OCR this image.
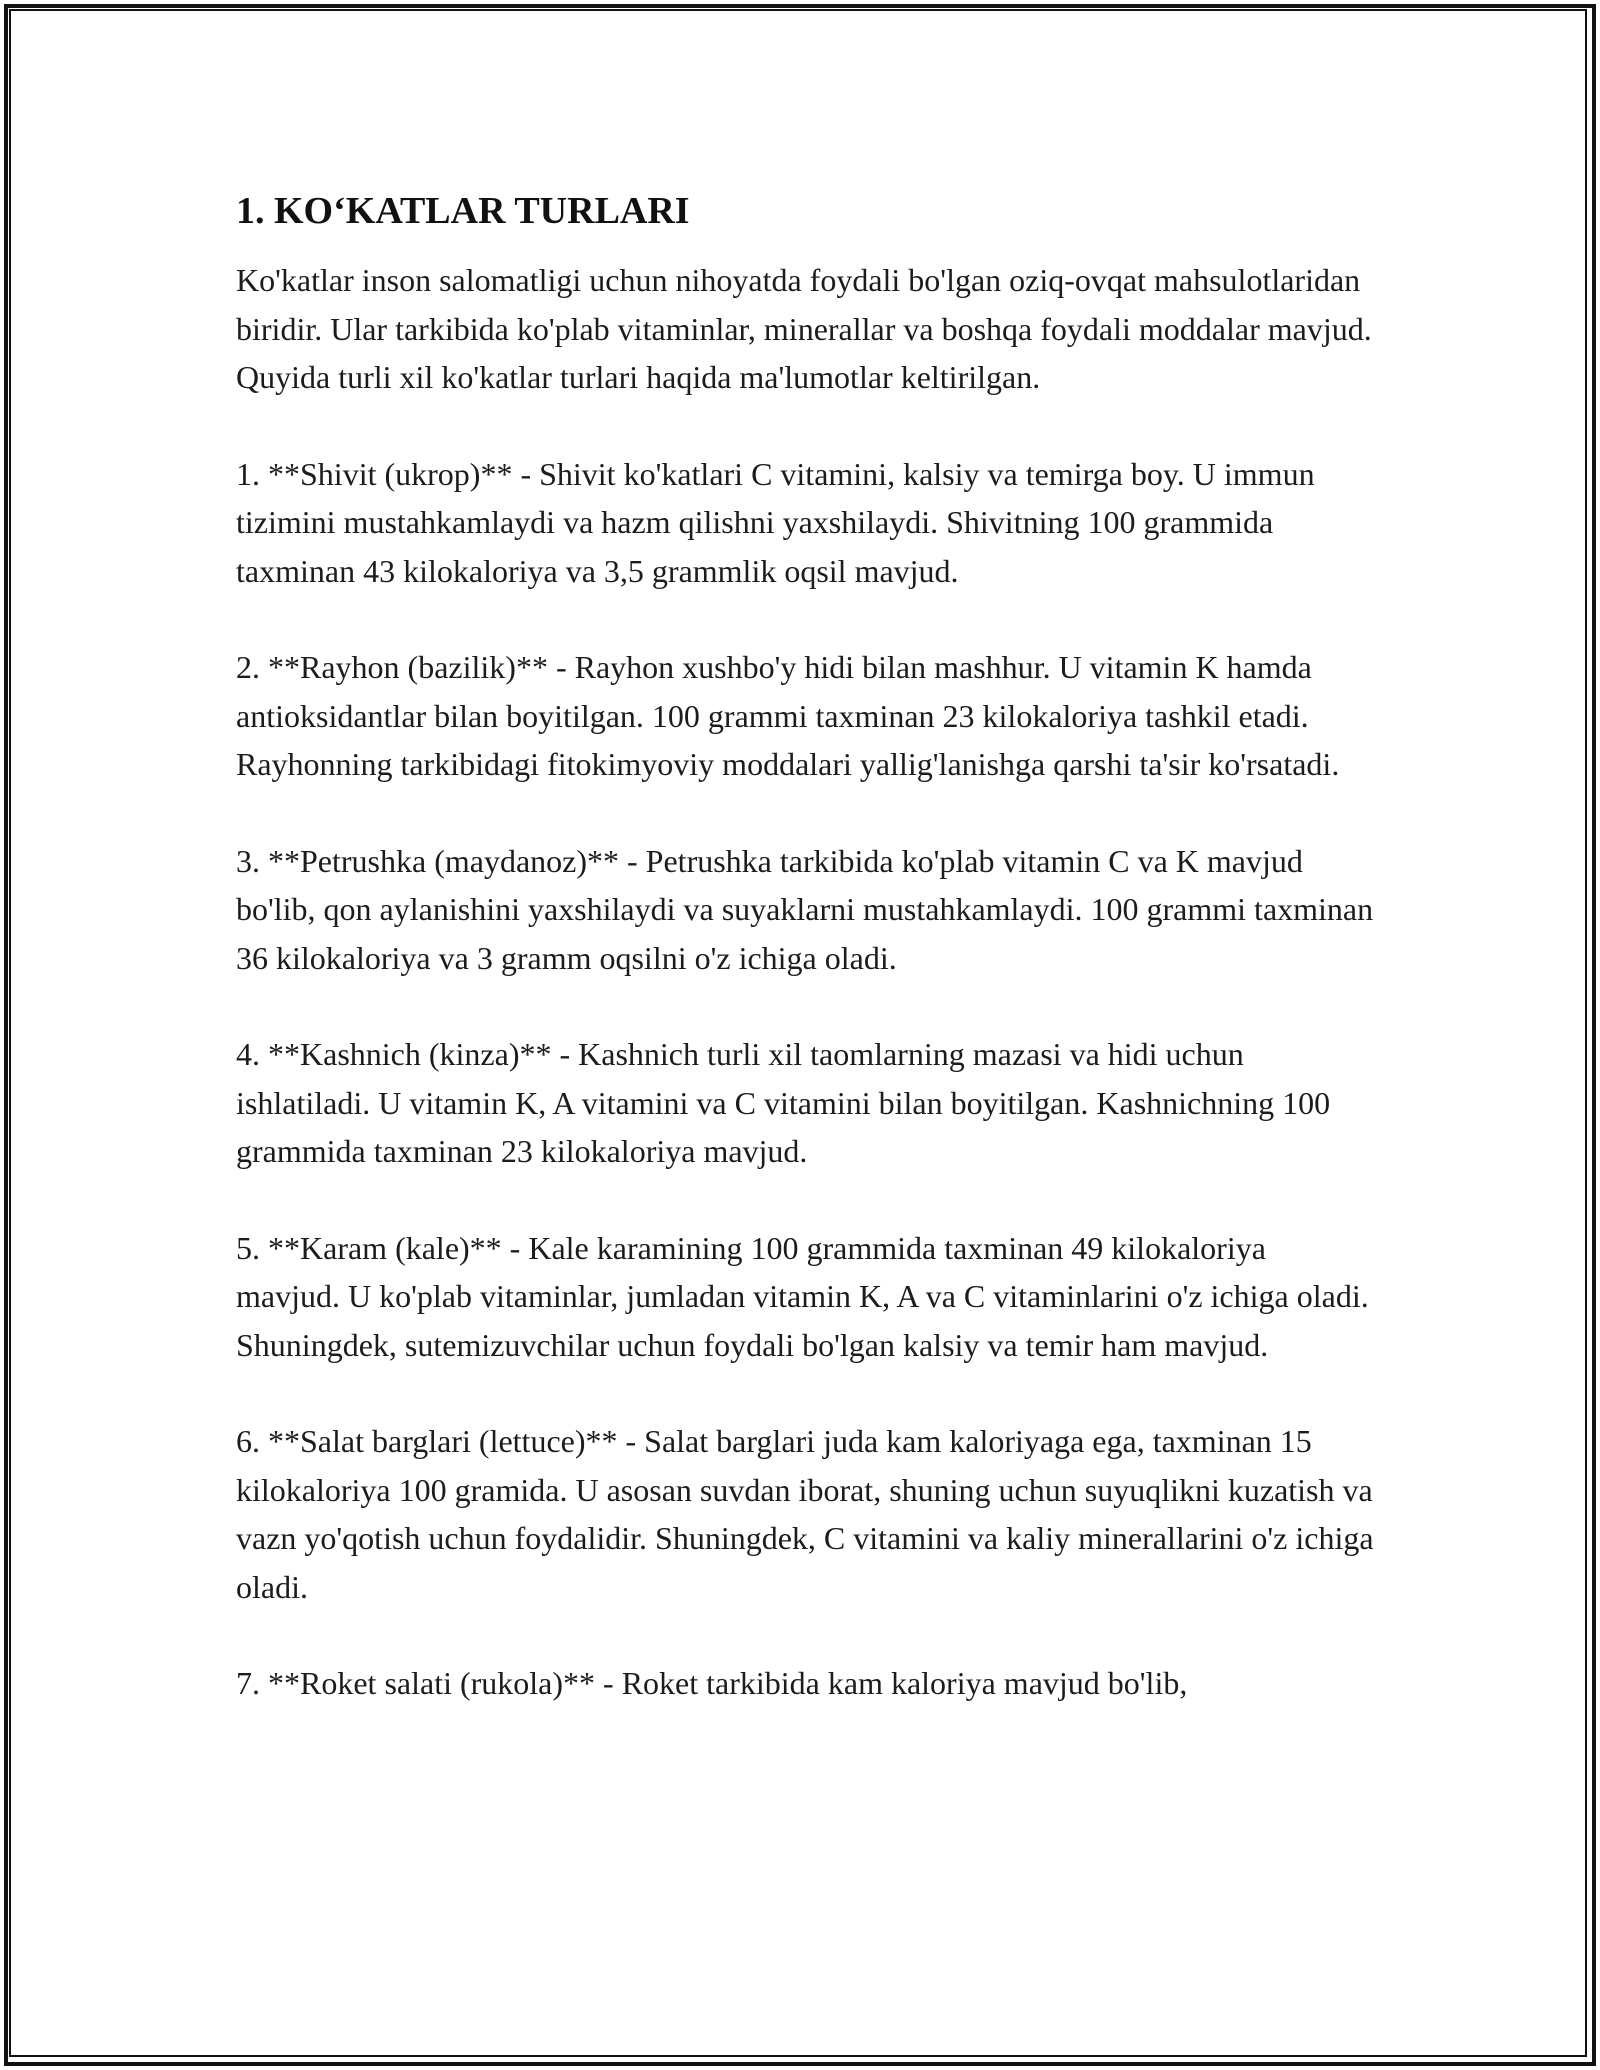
1. KO‘KATLAR TURLARI

Ko'katlar inson salomatligi uchun nihoyatda foydali bo'lgan oziq-ovqat mahsulotlaridan biridir. Ular tarkibida ko'plab vitaminlar, minerallar va boshqa foydali moddalar mavjud. Quyida turli xil ko'katlar turlari haqida ma'lumotlar keltirilgan.

1. **Shivit (ukrop)** - Shivit ko'katlari C vitamini, kalsiy va temirga boy. U immun tizimini mustahkamlaydi va hazm qilishni yaxshilaydi. Shivitning 100 grammida taxminan 43 kilokaloriya va 3,5 grammlik oqsil mavjud.

2. **Rayhon (bazilik)** - Rayhon xushbo'y hidi bilan mashhur. U vitamin K hamda antioksidantlar bilan boyitilgan. 100 grammi taxminan 23 kilokaloriya tashkil etadi. Rayhonning tarkibidagi fitokimyoviy moddalari yallig'lanishga qarshi ta'sir ko'rsatadi.

3. **Petrushka (maydanoz)** - Petrushka tarkibida ko'plab vitamin C va K mavjud bo'lib, qon aylanishini yaxshilaydi va suyaklarni mustahkamlaydi. 100 grammi taxminan 36 kilokaloriya va 3 gramm oqsilni o'z ichiga oladi.

4. **Kashnich (kinza)** - Kashnich turli xil taomlarning mazasi va hidi uchun ishlatiladi. U vitamin K, A vitamini va C vitamini bilan boyitilgan. Kashnichning 100 grammida taxminan 23 kilokaloriya mavjud.

5. **Karam (kale)** - Kale karamining 100 grammida taxminan 49 kilokaloriya mavjud. U ko'plab vitaminlar, jumladan vitamin K, A va C vitaminlarini o'z ichiga oladi. Shuningdek, sutemizuvchilar uchun foydali bo'lgan kalsiy va temir ham mavjud.

6. **Salat barglari (lettuce)** - Salat barglari juda kam kaloriyaga ega, taxminan 15 kilokaloriya 100 gramida. U asosan suvdan iborat, shuning uchun suyuqlikni kuzatish va vazn yo'qotish uchun foydalidir. Shuningdek, C vitamini va kaliy minerallarini o'z ichiga oladi.

7. **Roket salati (rukola)** - Roket tarkibida kam kaloriya mavjud bo'lib,
